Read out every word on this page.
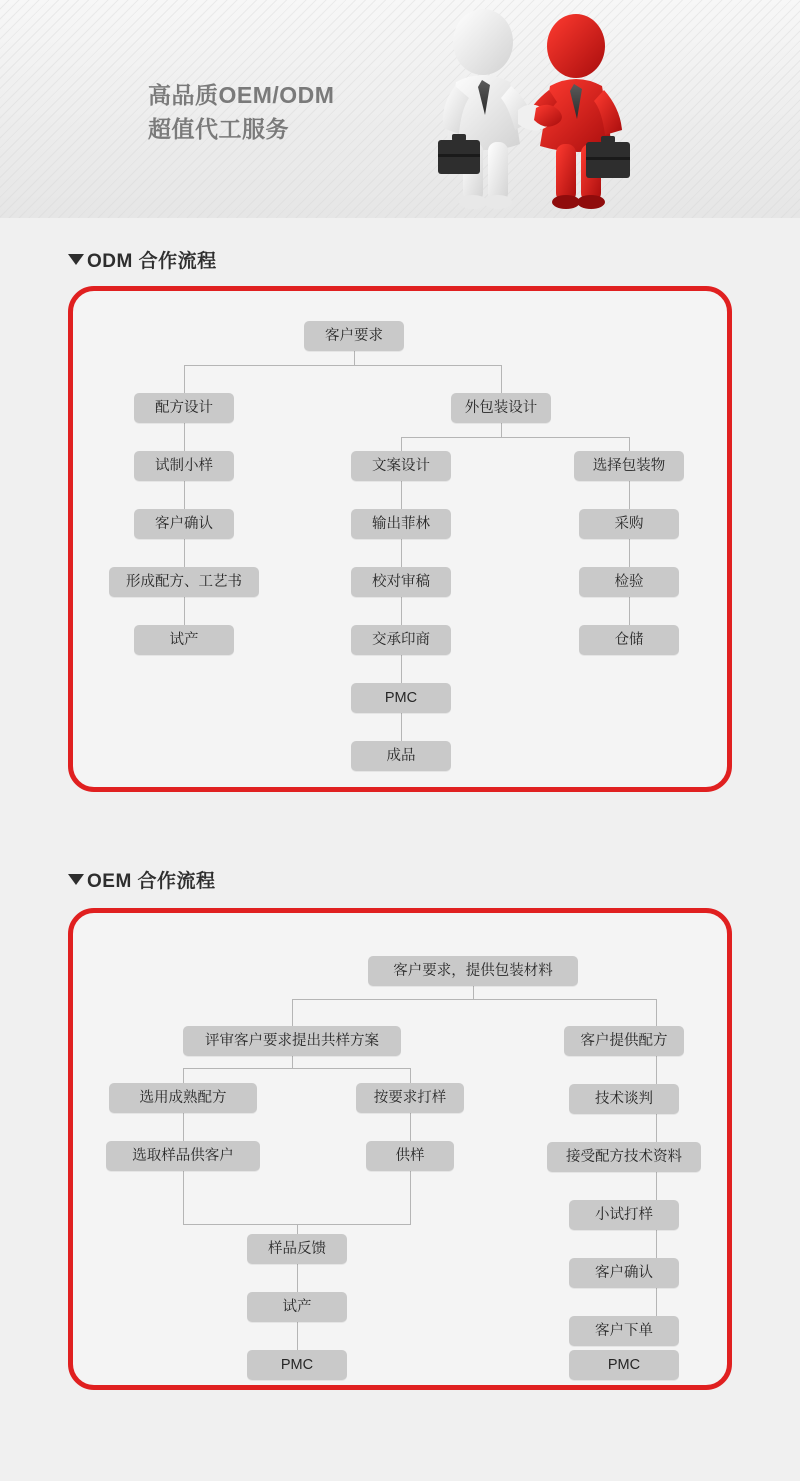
高品质OEM/ODM
超值代工服务
ODM 合作流程
客户要求
配方设计
试制小样
客户确认
形成配方、工艺书
试产
外包装设计
文案设计
输出菲林
校对审稿
交承印商
PMC
成品
选择包装物
采购
检验
仓储
OEM 合作流程
客户要求，提供包装材料
评审客户要求提出共样方案
选用成熟配方
选取样品供客户
按要求打样
供样
样品反馈
试产
PMC
客户提供配方
技术谈判
接受配方技术资料
小试打样
客户确认
客户下单
PMC
